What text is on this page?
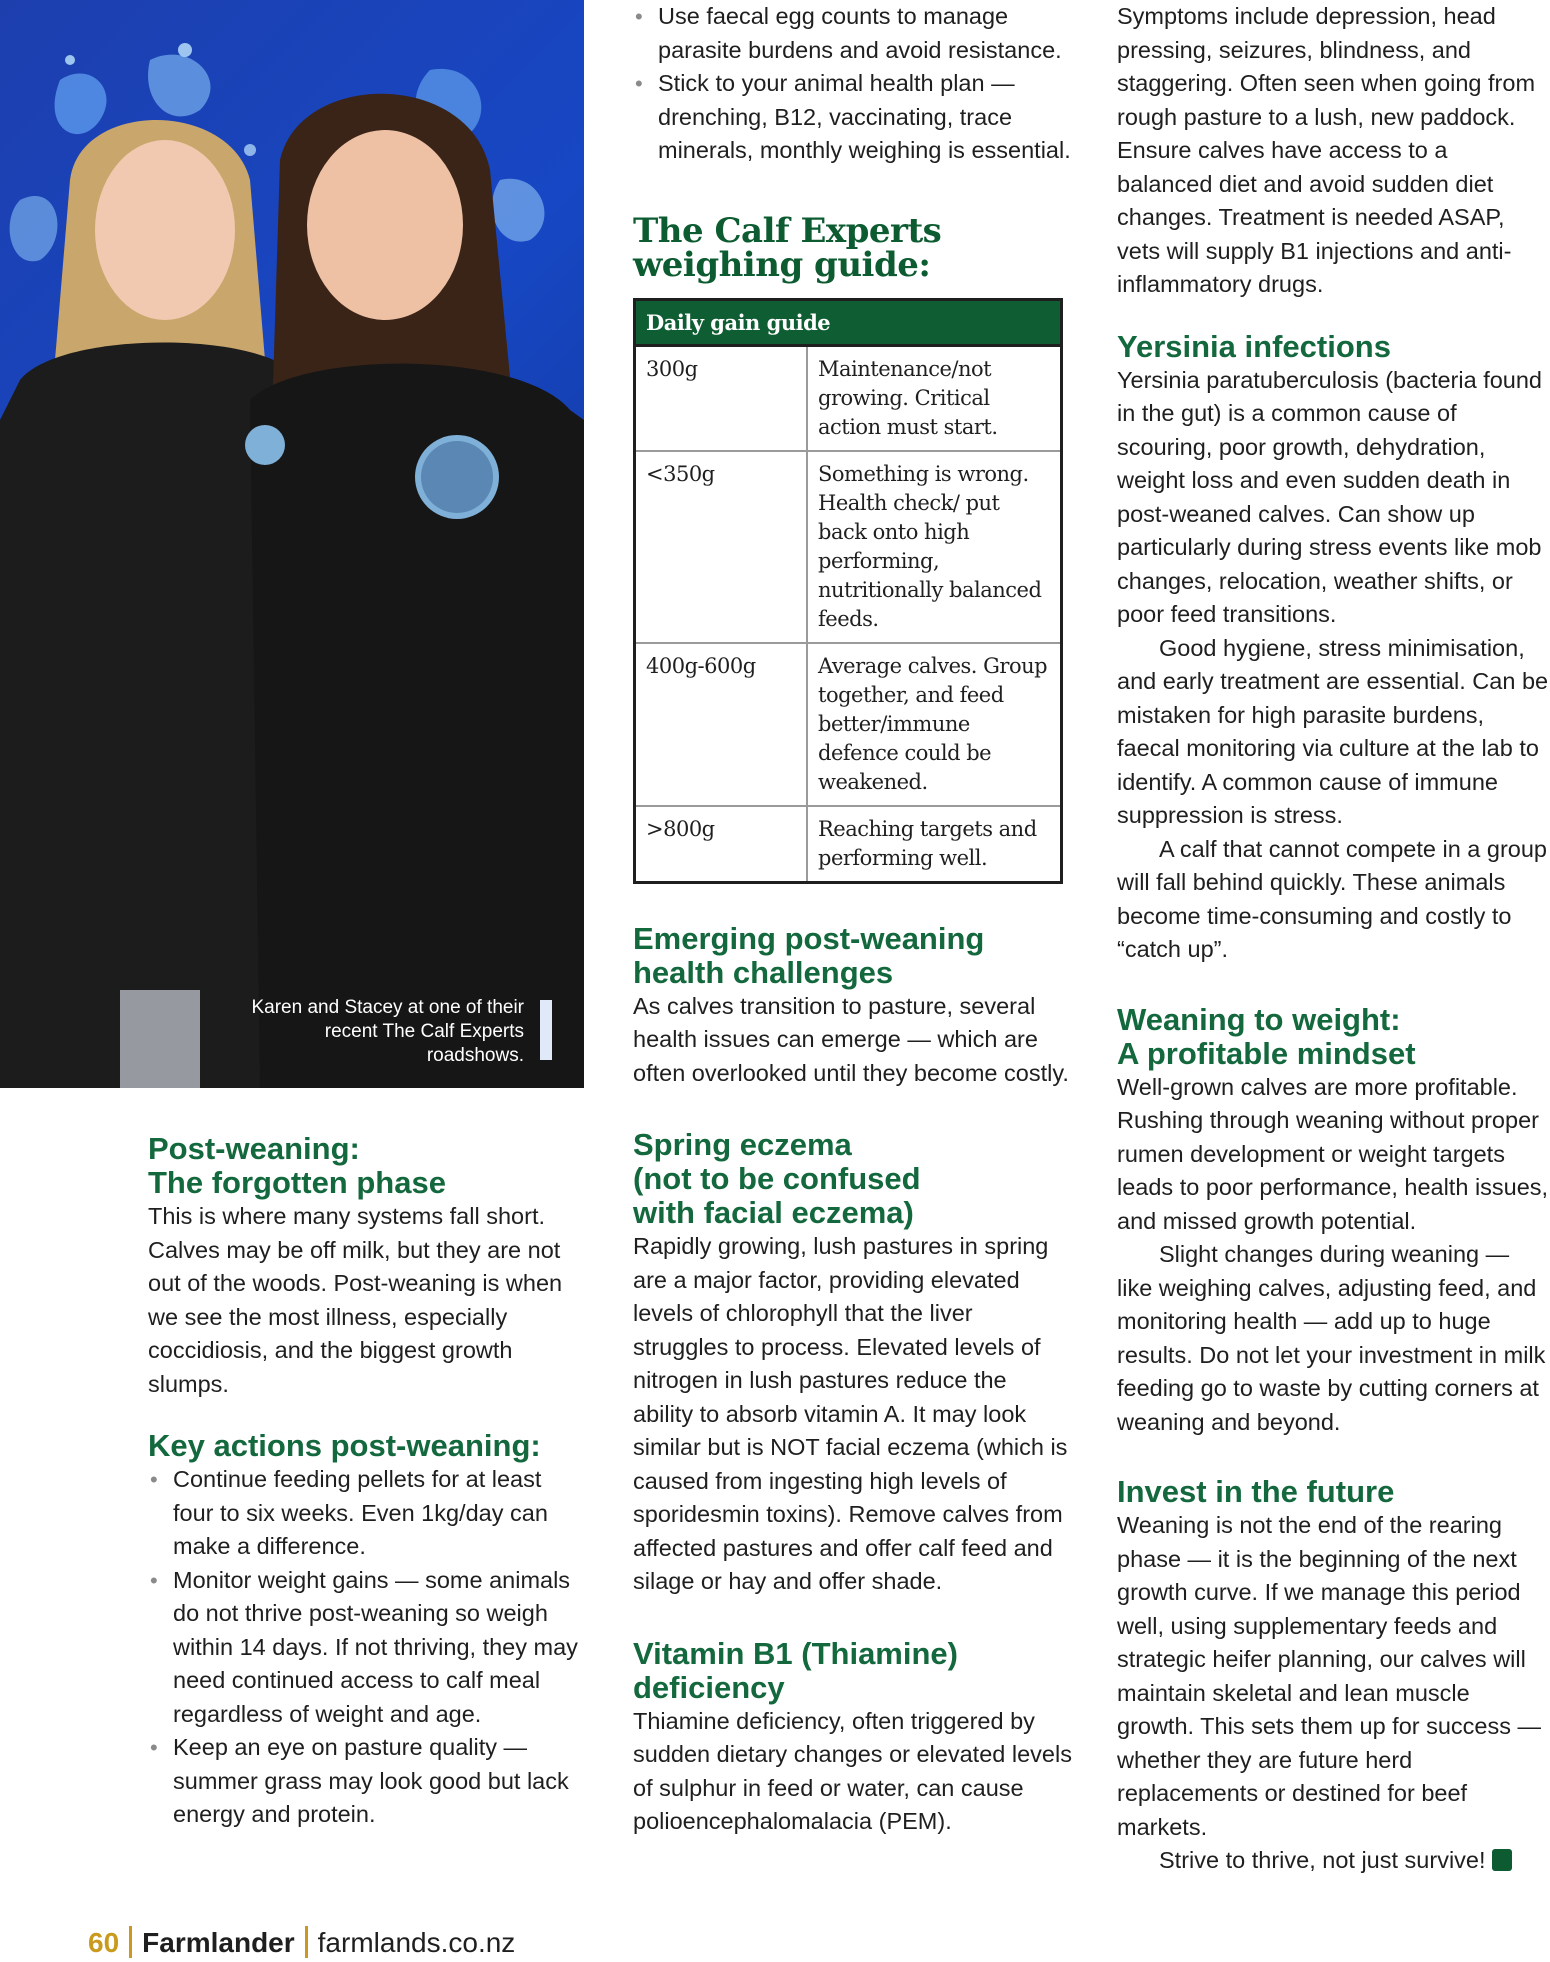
Karen and Stacey at one of their recent The Calf Experts roadshows.
Post-weaning:
The forgotten phase

This is where many systems fall short. Calves may be off milk, but they are not out of the woods. Post-weaning is when we see the most illness, especially coccidiosis, and the biggest growth slumps.

Key actions post-weaning:
• Continue feeding pellets for at least four to six weeks. Even 1kg/day can make a difference.
• Monitor weight gains — some animals do not thrive post-weaning so weigh within 14 days. If not thriving, they may need continued access to calf meal regardless of weight and age.
• Keep an eye on pasture quality — summer grass may look good but lack energy and protein.
• Use faecal egg counts to manage parasite burdens and avoid resistance.
• Stick to your animal health plan — drenching, B12, vaccinating, trace minerals, monthly weighing is essential.
The Calf Experts
weighing guide:
Daily gain guide	
300g	Maintenance/not growing. Critical action must start.
<350g	Something is wrong. Health check/ put back onto high performing, nutritionally balanced feeds.
400g-600g	Average calves. Group together, and feed better/immune defence could be weakened.
>800g	Reaching targets and performing well.
Emerging post-weaning
health challenges

As calves transition to pasture, several health issues can emerge — which are often overlooked until they become costly.

Spring eczema
(not to be confused
with facial eczema)

Rapidly growing, lush pastures in spring are a major factor, providing elevated levels of chlorophyll that the liver struggles to process. Elevated levels of nitrogen in lush pastures reduce the ability to absorb vitamin A. It may look similar but is NOT facial eczema (which is caused from ingesting high levels of sporidesmin toxins). Remove calves from affected pastures and offer calf feed and silage or hay and offer shade.

Vitamin B1 (Thiamine)
deficiency

Thiamine deficiency, often triggered by sudden dietary changes or elevated levels of sulphur in feed or water, can cause polioencephalomalacia (PEM).

Symptoms include depression, head pressing, seizures, blindness, and staggering. Often seen when going from rough pasture to a lush, new paddock. Ensure calves have access to a balanced diet and avoid sudden diet changes. Treatment is needed ASAP, vets will supply B1 injections and anti-inflammatory drugs.

Yersinia infections

Yersinia paratuberculosis (bacteria found in the gut) is a common cause of scouring, poor growth, dehydration, weight loss and even sudden death in post-weaned calves. Can show up particularly during stress events like mob changes, relocation, weather shifts, or poor feed transitions.

Good hygiene, stress minimisation, and early treatment are essential. Can be mistaken for high parasite burdens, faecal monitoring via culture at the lab to identify. A common cause of immune suppression is stress.

A calf that cannot compete in a group will fall behind quickly. These animals become time-consuming and costly to “catch up”.

Weaning to weight:
A profitable mindset

Well-grown calves are more profitable. Rushing through weaning without proper rumen development or weight targets leads to poor performance, health issues, and missed growth potential.

Slight changes during weaning — like weighing calves, adjusting feed, and monitoring health — add up to huge results. Do not let your investment in milk feeding go to waste by cutting corners at weaning and beyond.

Invest in the future

Weaning is not the end of the rearing phase — it is the beginning of the next growth curve. If we manage this period well, using supplementary feeds and strategic heifer planning, our calves will maintain skeletal and lean muscle growth. This sets them up for success — whether they are future herd replacements or destined for beef markets.

Strive to thrive, not just survive!	F

60 Farmlander farmlands.co.nz
